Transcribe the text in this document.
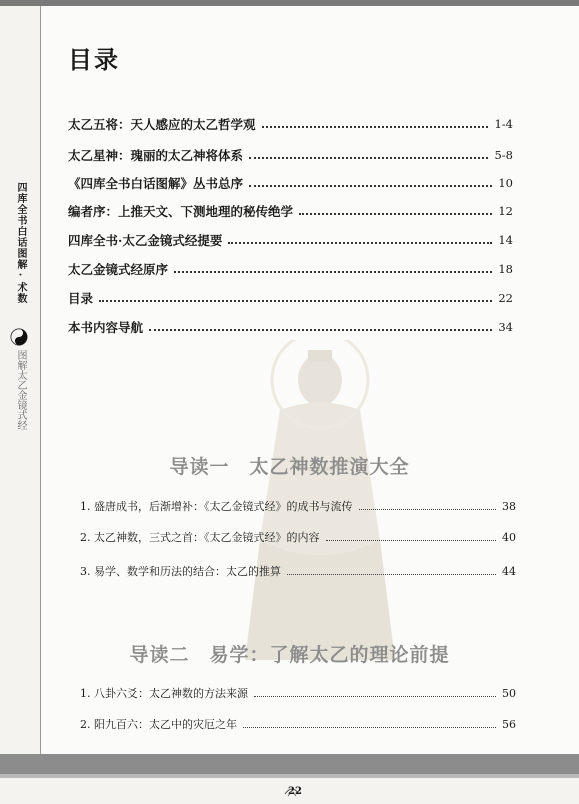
四库全书白话图解·术数
图解太乙金镜式经
目录
太乙五将：天人感应的太乙哲学观	1-4
太乙星神：瑰丽的太乙神将体系	5-8
《四库全书白话图解》丛书总序	10
编者序：上推天文、下测地理的秘传绝学	12
四库全书·太乙金镜式经提要	14
太乙金镜式经原序	18
目录	22
本书内容导航	34
导读一　太乙神数推演大全
1. 盛唐成书，后渐增补：《太乙金镜式经》的成书与流传	38
2. 太乙神数，三式之首：《太乙金镜式经》的内容	40
3. 易学、数学和历法的结合：太乙的推算	44
导读二　易学：了解太乙的理论前提
1. 八卦六爻：太乙神数的方法来源	50
2. 阳九百六：太乙中的灾厄之年	56
22
